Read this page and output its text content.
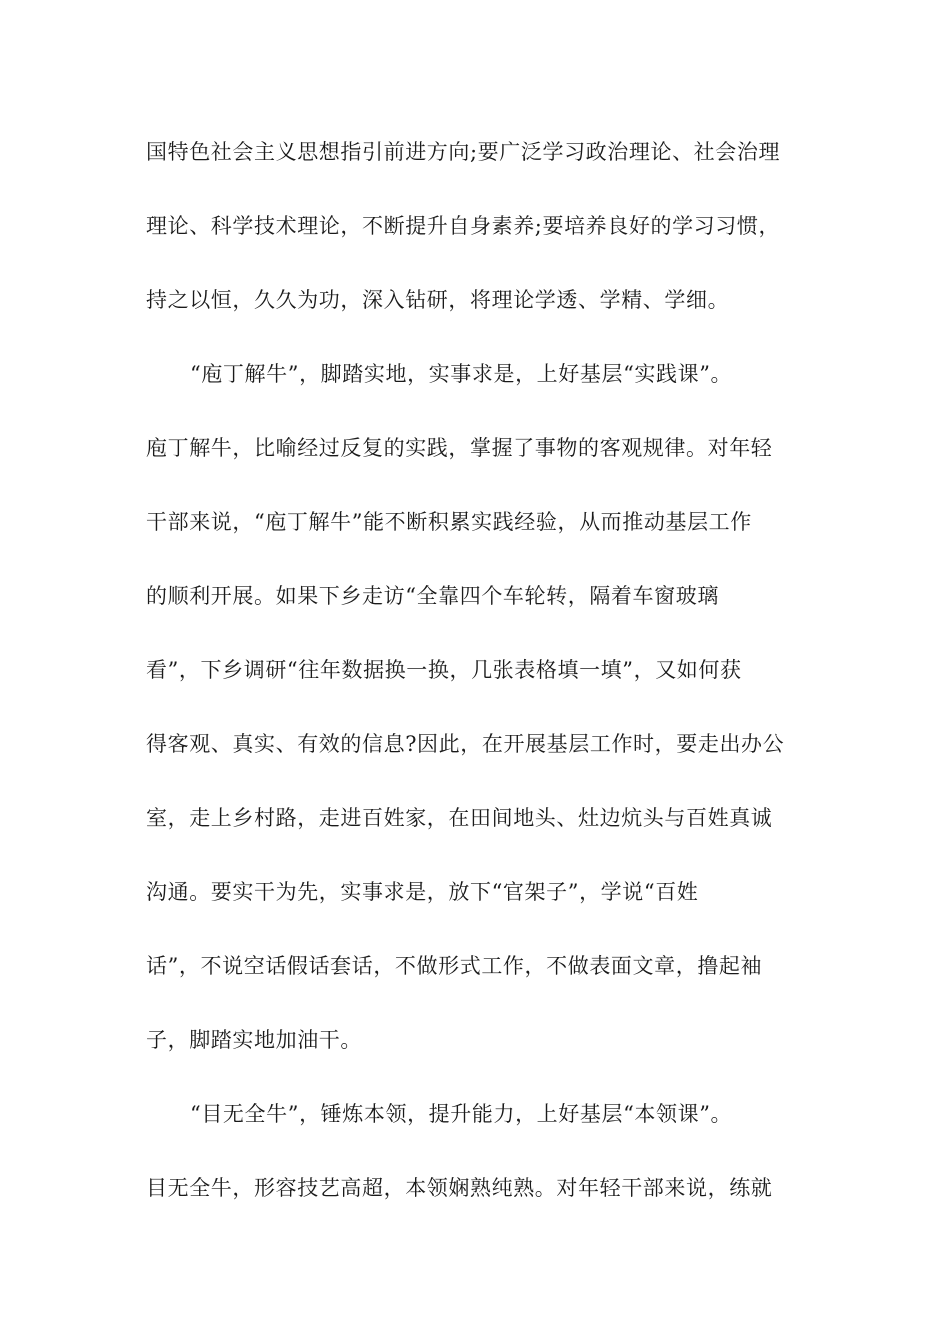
国特色社会主义思想指引前进方向;要广泛学习政治理论、社会治理
理论、科学技术理论，不断提升自身素养;要培养良好的学习习惯，
持之以恒，久久为功，深入钻研，将理论学透、学精、学细。
“庖丁解牛”，脚踏实地，实事求是，上好基层“实践课”。
庖丁解牛，比喻经过反复的实践，掌握了事物的客观规律。对年轻
干部来说，“庖丁解牛”能不断积累实践经验，从而推动基层工作
的顺利开展。如果下乡走访“全靠四个车轮转，隔着车窗玻璃
看”，下乡调研“往年数据换一换，几张表格填一填”，又如何获
得客观、真实、有效的信息?因此，在开展基层工作时，要走出办公
室，走上乡村路，走进百姓家，在田间地头、灶边炕头与百姓真诚
沟通。要实干为先，实事求是，放下“官架子”，学说“百姓
话”，不说空话假话套话，不做形式工作，不做表面文章，撸起袖
子，脚踏实地加油干。
“目无全牛”，锤炼本领，提升能力，上好基层“本领课”。
目无全牛，形容技艺高超，本领娴熟纯熟。对年轻干部来说，练就
